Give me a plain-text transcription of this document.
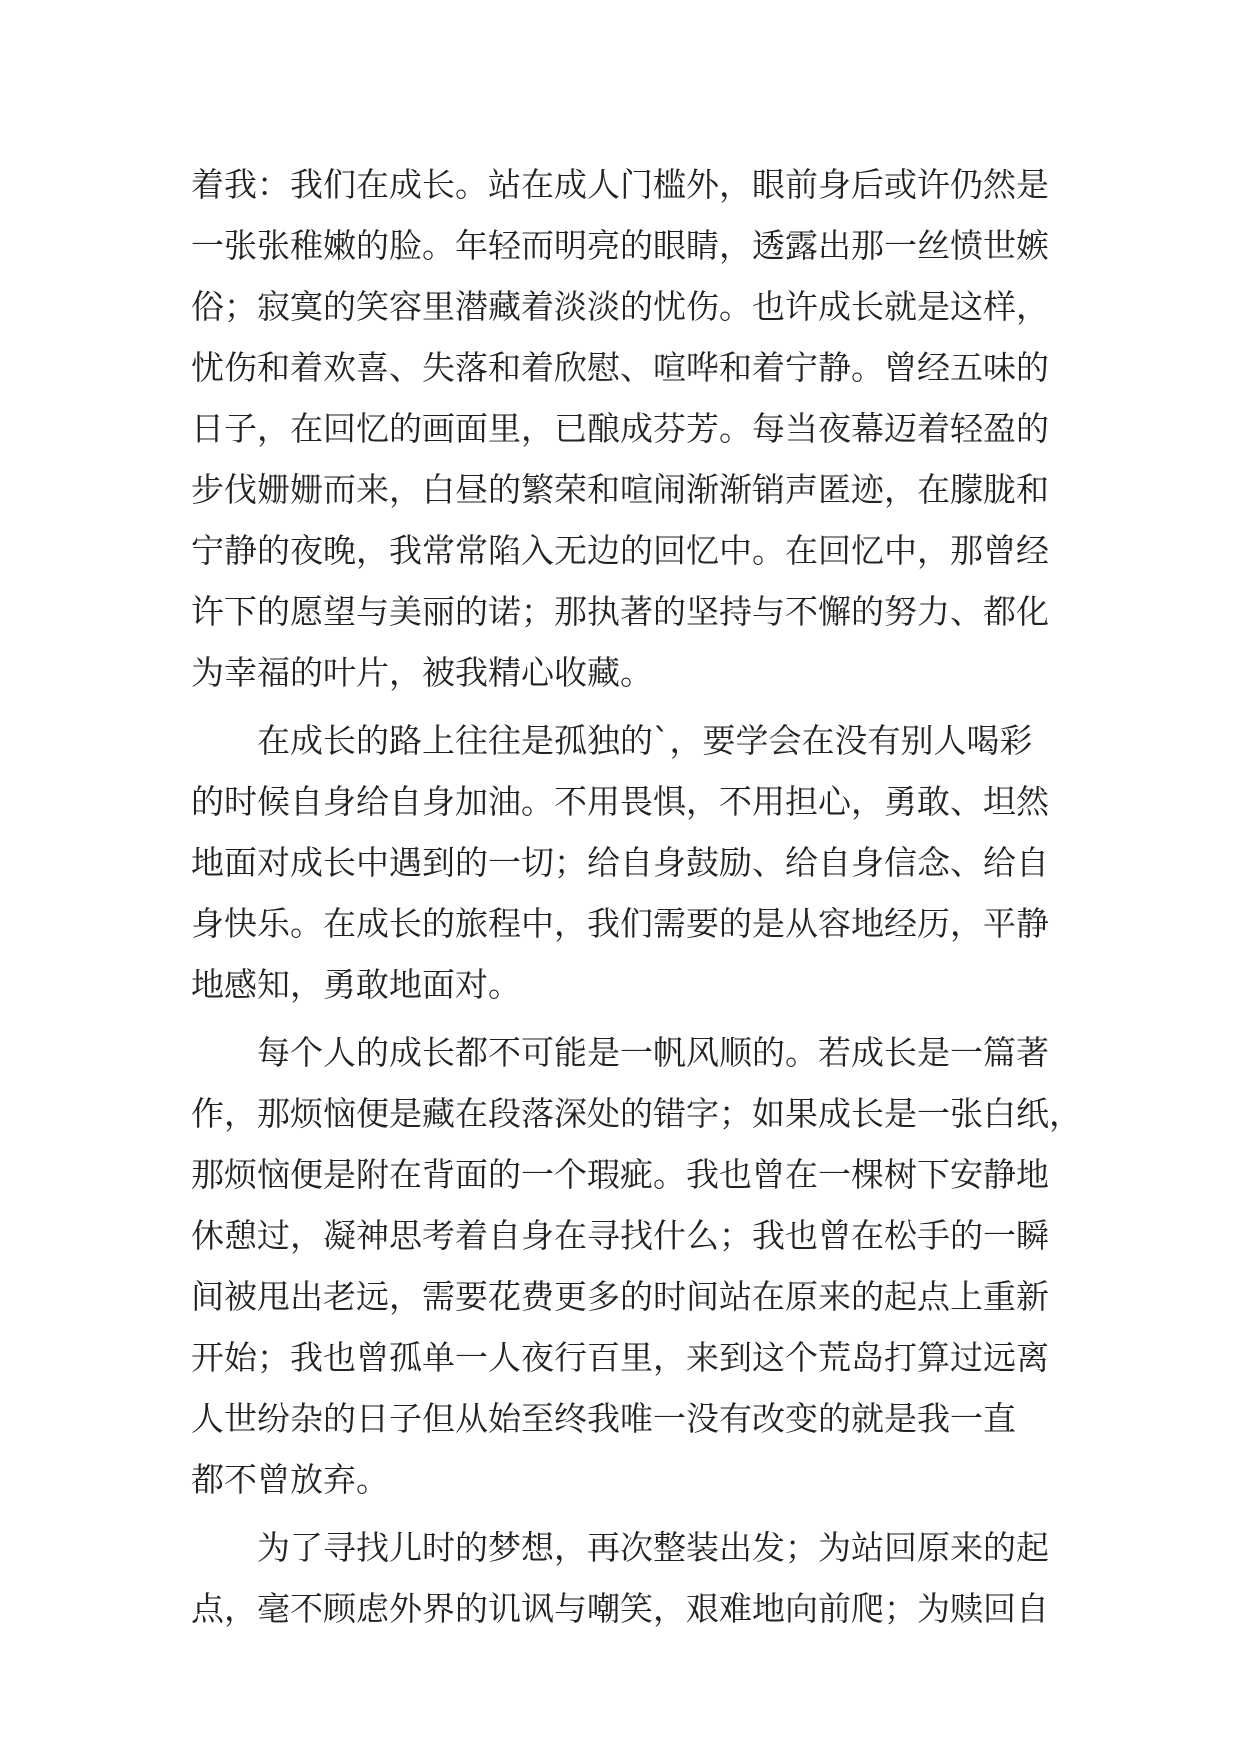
着我：我们在成长。站在成人门槛外，眼前身后或许仍然是
一张张稚嫩的脸。年轻而明亮的眼睛，透露出那一丝愤世嫉
俗；寂寞的笑容里潜藏着淡淡的忧伤。也许成长就是这样，
忧伤和着欢喜、失落和着欣慰、喧哗和着宁静。曾经五味的
日子，在回忆的画面里，已酿成芬芳。每当夜幕迈着轻盈的
步伐姗姗而来，白昼的繁荣和喧闹渐渐销声匿迹，在朦胧和
宁静的夜晚，我常常陷入无边的回忆中。在回忆中，那曾经
许下的愿望与美丽的诺；那执著的坚持与不懈的努力、都化
为幸福的叶片，被我精心收藏。
在成长的路上往往是孤独的`，要学会在没有别人喝彩
的时候自身给自身加油。不用畏惧，不用担心，勇敢、坦然
地面对成长中遇到的一切；给自身鼓励、给自身信念、给自
身快乐。在成长的旅程中，我们需要的是从容地经历，平静
地感知，勇敢地面对。
每个人的成长都不可能是一帆风顺的。若成长是一篇著
作，那烦恼便是藏在段落深处的错字；如果成长是一张白纸，
那烦恼便是附在背面的一个瑕疵。我也曾在一棵树下安静地
休憩过，凝神思考着自身在寻找什么；我也曾在松手的一瞬
间被甩出老远，需要花费更多的时间站在原来的起点上重新
开始；我也曾孤单一人夜行百里，来到这个荒岛打算过远离
人世纷杂的日子但从始至终我唯一没有改变的就是我一直
都不曾放弃。
为了寻找儿时的梦想，再次整装出发；为站回原来的起
点，毫不顾虑外界的讥讽与嘲笑，艰难地向前爬；为赎回自
